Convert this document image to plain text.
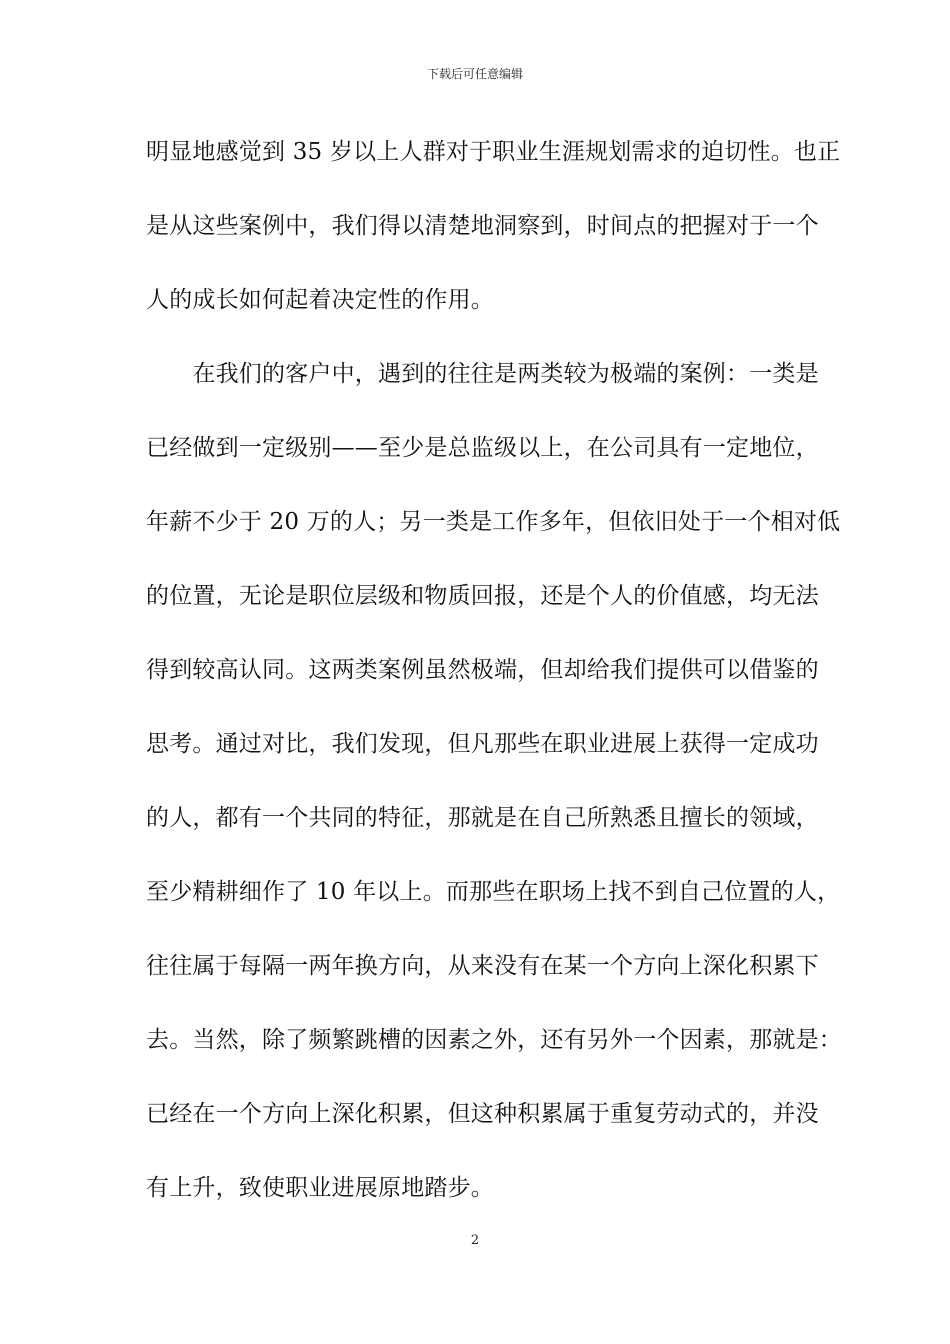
下载后可任意编辑
明显地感觉到 35 岁以上人群对于职业生涯规划需求的迫切性。也正
是从这些案例中，我们得以清楚地洞察到，时间点的把握对于一个
人的成长如何起着决定性的作用。
　　在我们的客户中，遇到的往往是两类较为极端的案例：一类是
已经做到一定级别——至少是总监级以上，在公司具有一定地位，
年薪不少于 20 万的人；另一类是工作多年，但依旧处于一个相对低
的位置，无论是职位层级和物质回报，还是个人的价值感，均无法
得到较高认同。这两类案例虽然极端，但却给我们提供可以借鉴的
思考。通过对比，我们发现，但凡那些在职业进展上获得一定成功
的人，都有一个共同的特征，那就是在自己所熟悉且擅长的领域，
至少精耕细作了 10 年以上。而那些在职场上找不到自己位置的人，
往往属于每隔一两年换方向，从来没有在某一个方向上深化积累下
去。当然，除了频繁跳槽的因素之外，还有另外一个因素，那就是：
已经在一个方向上深化积累，但这种积累属于重复劳动式的，并没
有上升，致使职业进展原地踏步。
2
